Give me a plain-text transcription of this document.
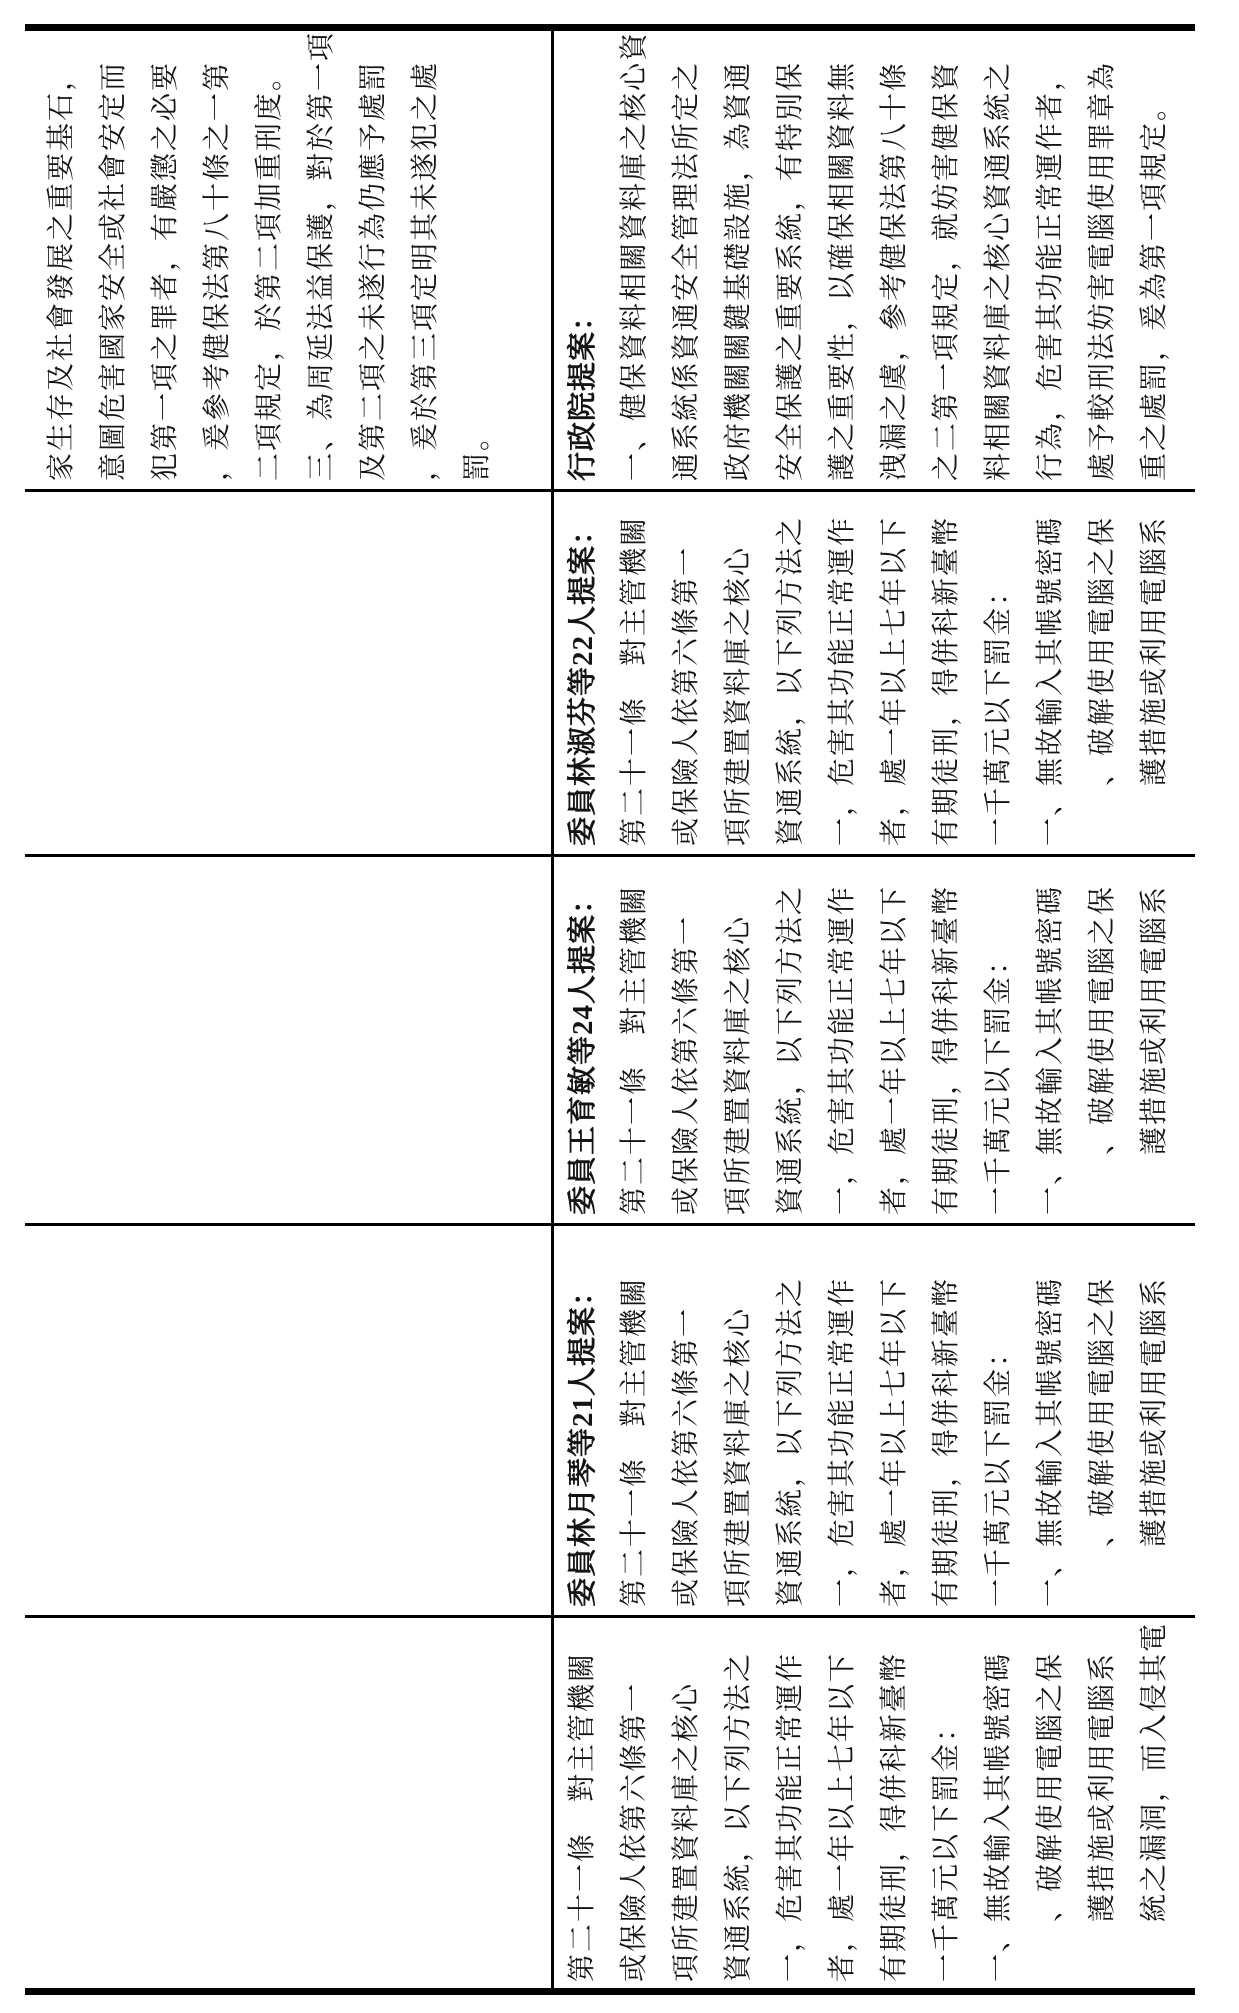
家生存及社會發展之重要基石， 意圖危害國家安全或社會安定而 犯第一項之罪者，有嚴懲之必要 ，爰參考健保法第八十條之一第 二項規定，於第二項加重刑度。 三、為周延法益保護，對於第一項 及第二項之未遂行為仍應予處罰 ，爰於第三項定明其未遂犯之處 罰。	行政院提案： 一、健保資料相關資料庫之核心資 通系統係資通安全管理法所定之 政府機關關鍵基礎設施，為資通 安全保護之重要系統，有特別保 護之重要性，以確保相關資料無 洩漏之虞，參考健保法第八十條 之二第一項規定，就妨害健保資 料相關資料庫之核心資通系統之 行為，危害其功能正常運作者， 處予較刑法妨害電腦使用罪章為 重之處罰，爰為第一項規定。
委員林淑芬等22人提案： 第二十一條　對主管機關 或保險人依第六條第一 項所建置資料庫之核心 資通系統，以下列方法之 一，危害其功能正常運作 者，處一年以上七年以下 有期徒刑，得併科新臺幣 一千萬元以下罰金： 一、無故輸入其帳號密碼 　　、破解使用電腦之保 　　護措施或利用電腦系
委員王育敏等24人提案： 第二十一條　對主管機關 或保險人依第六條第一 項所建置資料庫之核心 資通系統，以下列方法之 一，危害其功能正常運作 者，處一年以上七年以下 有期徒刑，得併科新臺幣 一千萬元以下罰金： 一、無故輸入其帳號密碼 　　、破解使用電腦之保 　　護措施或利用電腦系
委員林月琴等21人提案： 第二十一條　對主管機關 或保險人依第六條第一 項所建置資料庫之核心 資通系統，以下列方法之 一，危害其功能正常運作 者，處一年以上七年以下 有期徒刑，得併科新臺幣 一千萬元以下罰金： 一、無故輸入其帳號密碼 　　、破解使用電腦之保 　　護措施或利用電腦系
第二十一條　對主管機關 或保險人依第六條第一 項所建置資料庫之核心 資通系統，以下列方法之 一，危害其功能正常運作 者，處一年以上七年以下 有期徒刑，得併科新臺幣 一千萬元以下罰金： 一、無故輸入其帳號密碼 　　、破解使用電腦之保 　　護措施或利用電腦系 　　統之漏洞，而入侵其電
